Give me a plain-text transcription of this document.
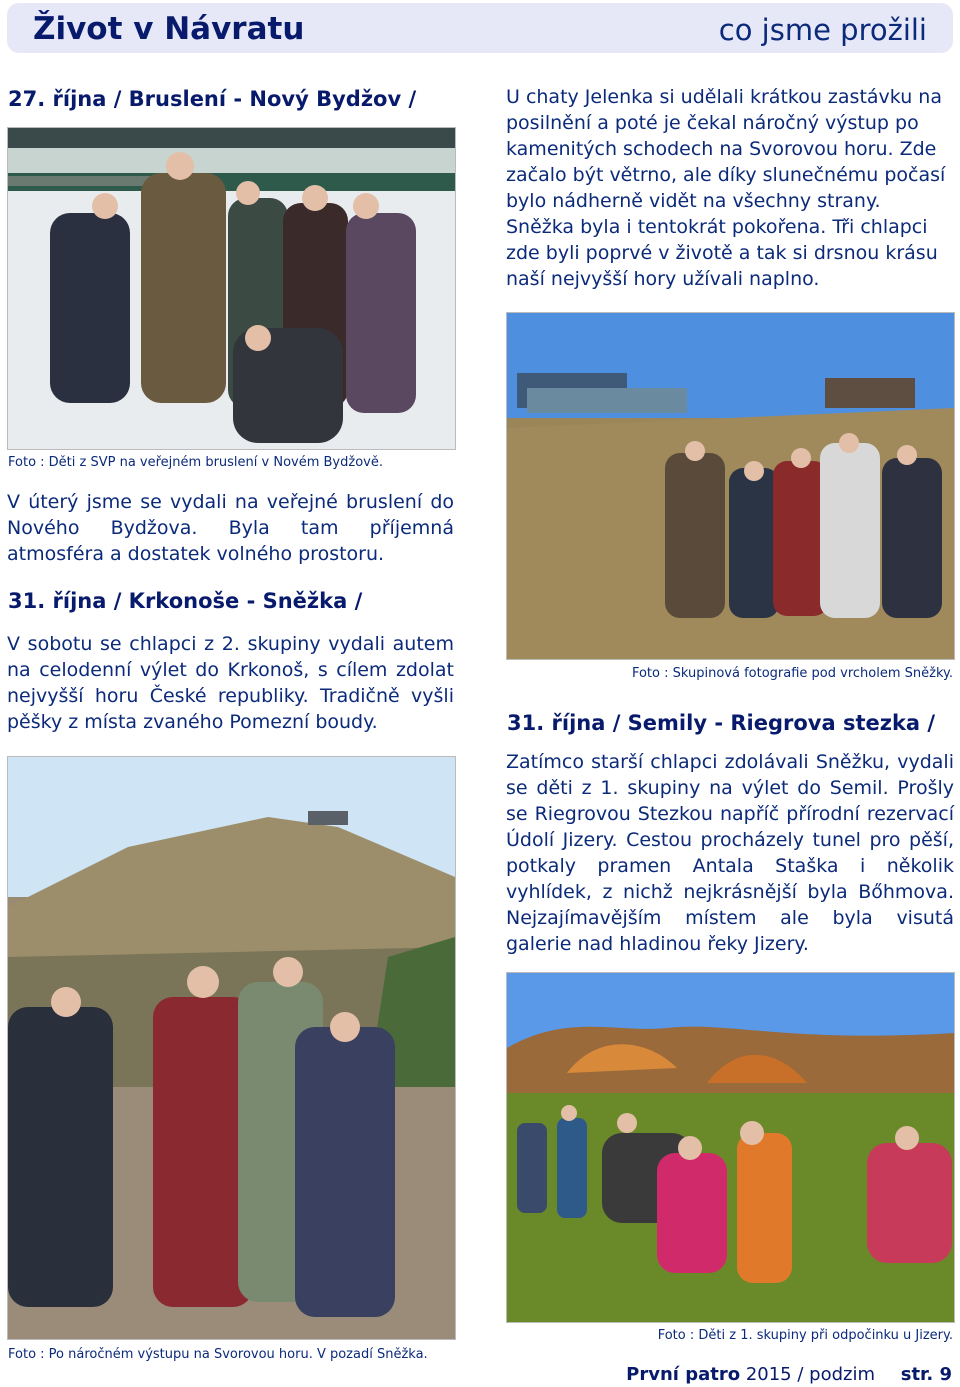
Život v Návratu	co jsme prožili
27. října / Bruslení - Nový Bydžov /
Foto : Děti z SVP na veřejném bruslení v Novém Bydžově.
V úterý jsme se vydali na veřejné bruslení do Nového Bydžova. Byla tam příjemná atmosféra a dostatek volného prostoru.
31. října / Krkonoše - Sněžka /
V sobotu se chlapci z 2. skupiny vydali autem na celodenní výlet do Krkonoš, s cílem zdolat nejvyšší horu České republiky. Tradičně vyšli pěšky z místa zvaného Pomezní boudy.
Foto : Po náročném výstupu na Svorovou horu. V pozadí Sněžka.
U chaty Jelenka si udělali krátkou zastávku na posilnění a poté je čekal náročný výstup po kamenitých schodech na Svorovou horu. Zde začalo být větrno, ale díky slunečnému počasí bylo nádherně vidět na všechny strany. Sněžka byla i tentokrát pokořena. Tři chlapci zde byli poprvé v životě a tak si drsnou krásu naší nejvyšší hory užívali naplno.
Foto : Skupinová fotografie pod vrcholem Sněžky.
31. října / Semily - Riegrova stezka /
Zatímco starší chlapci zdolávali Sněžku, vydali se děti z 1. skupiny na výlet do Semil. Prošly se Riegrovou Stezkou napříč přírodní rezervací Údolí Jizery. Cestou procházely tunel pro pěší, potkaly pramen Antala Staška i několik vyhlídek, z nichž nejkrásnější byla Bőhmova. Nejzajímavějším místem ale byla visutá galerie nad hladinou řeky Jizery.
Foto : Děti z 1. skupiny při odpočinku u Jizery.
První patro 2015 / podzim str. 9
